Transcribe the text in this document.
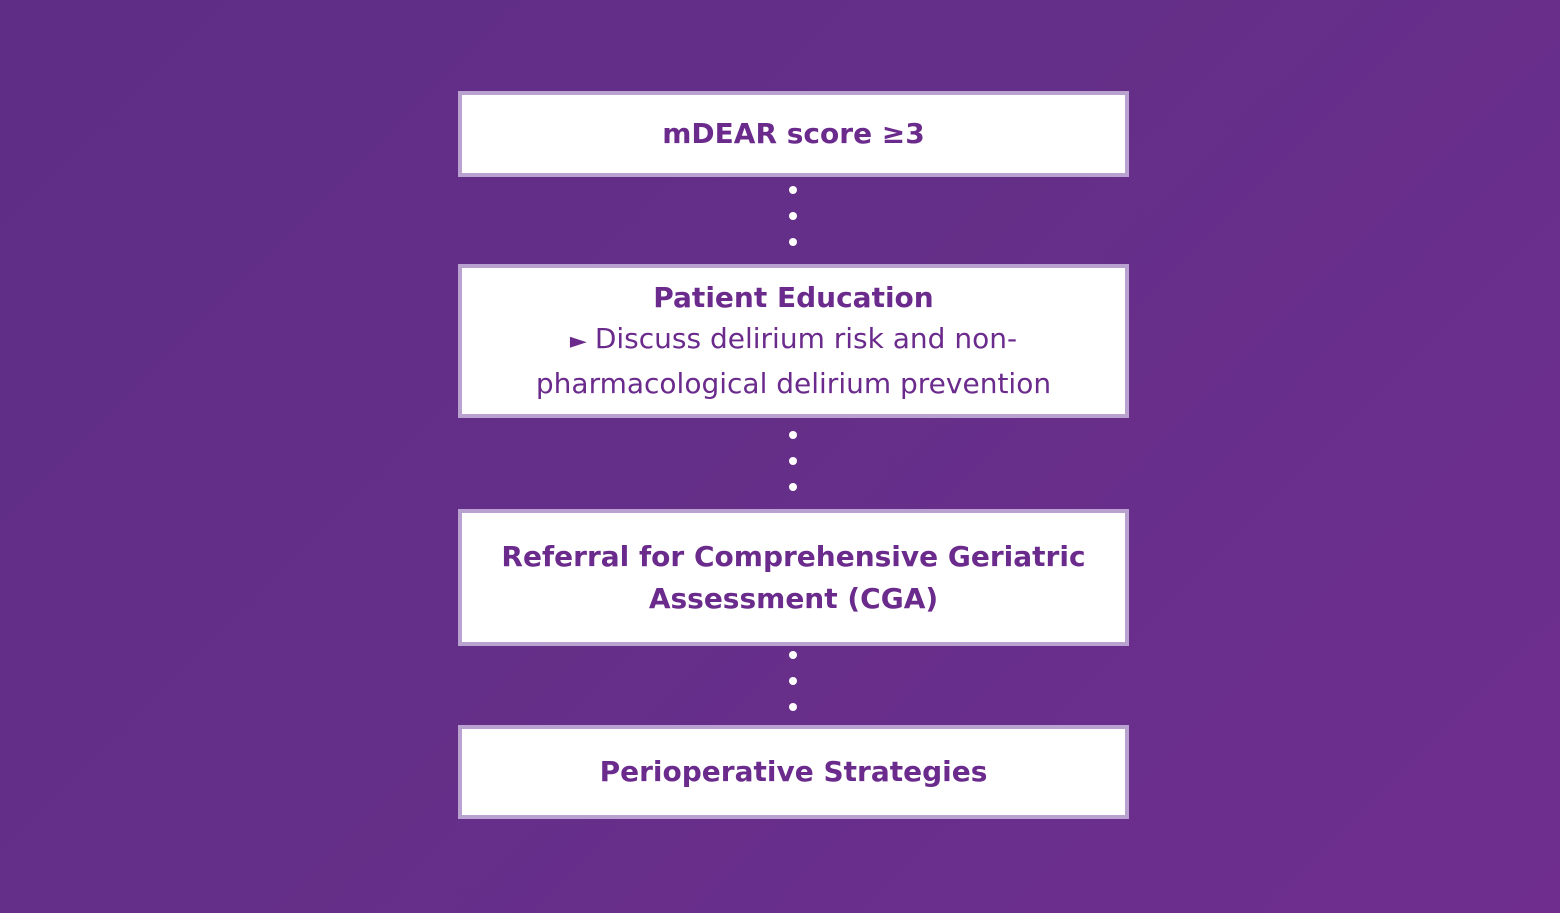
mDEAR score ≥3
Patient Education
► Discuss delirium risk and non-pharmacological delirium prevention
Referral for Comprehensive Geriatric Assessment (CGA)
Perioperative Strategies
